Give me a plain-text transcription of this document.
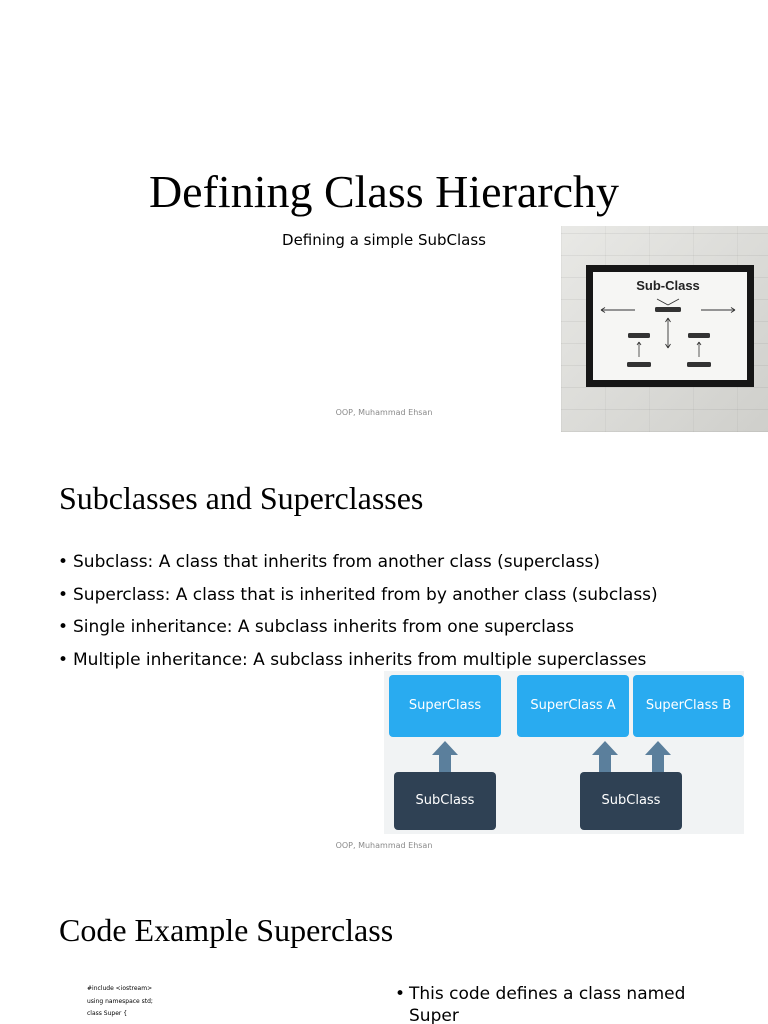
Defining Class Hierarchy
Defining a simple SubClass
Sub-Class
OOP, Muhammad Ehsan
Subclasses and Superclasses
• Subclass: A class that inherits from another class (superclass)
• Superclass: A class that is inherited from by another class (subclass)
• Single inheritance: A subclass inherits from one superclass
• Multiple inheritance: A subclass inherits from multiple superclasses
SuperClass
SubClass
SuperClass A	SuperClass B
SubClass
OOP, Muhammad Ehsan
Code Example Superclass
#include <iostream>
using namespace std;
class Super {
• This code defines a class named Super
